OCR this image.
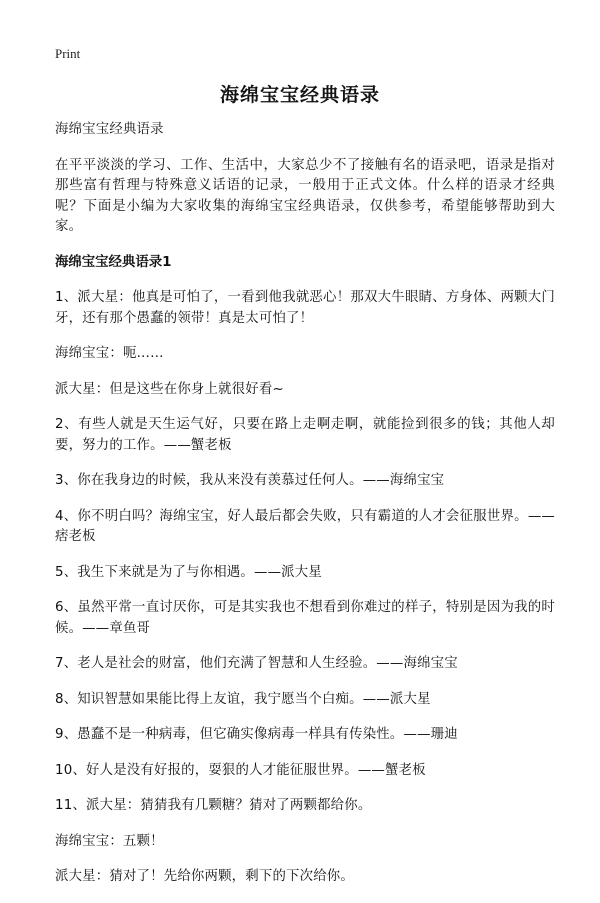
Print
海绵宝宝经典语录

海绵宝宝经典语录

在平平淡淡的学习、工作、生活中，大家总少不了接触有名的语录吧，语录是指对那些富有哲理与特殊意义话语的记录，一般用于正式文体。什么样的语录才经典呢？下面是小编为大家收集的海绵宝宝经典语录，仅供参考，希望能够帮助到大家。

海绵宝宝经典语录1

1、派大星：他真是可怕了，一看到他我就恶心！那双大牛眼睛、方身体、两颗大门牙，还有那个愚蠢的领带！真是太可怕了！

海绵宝宝：呃……

派大星：但是这些在你身上就很好看~

2、有些人就是天生运气好，只要在路上走啊走啊，就能捡到很多的钱；其他人却要，努力的工作。——蟹老板

3、你在我身边的时候，我从来没有羡慕过任何人。——海绵宝宝

4、你不明白吗？海绵宝宝，好人最后都会失败，只有霸道的人才会征服世界。——痞老板

5、我生下来就是为了与你相遇。——派大星

6、虽然平常一直讨厌你，可是其实我也不想看到你难过的样子，特别是因为我的时候。——章鱼哥

7、老人是社会的财富，他们充满了智慧和人生经验。——海绵宝宝

8、知识智慧如果能比得上友谊，我宁愿当个白痴。——派大星

9、愚蠢不是一种病毒，但它确实像病毒一样具有传染性。——珊迪

10、好人是没有好报的，耍狠的人才能征服世界。——蟹老板

11、派大星：猜猜我有几颗糖？猜对了两颗都给你。

海绵宝宝：五颗！

派大星：猜对了！先给你两颗，剩下的下次给你。
